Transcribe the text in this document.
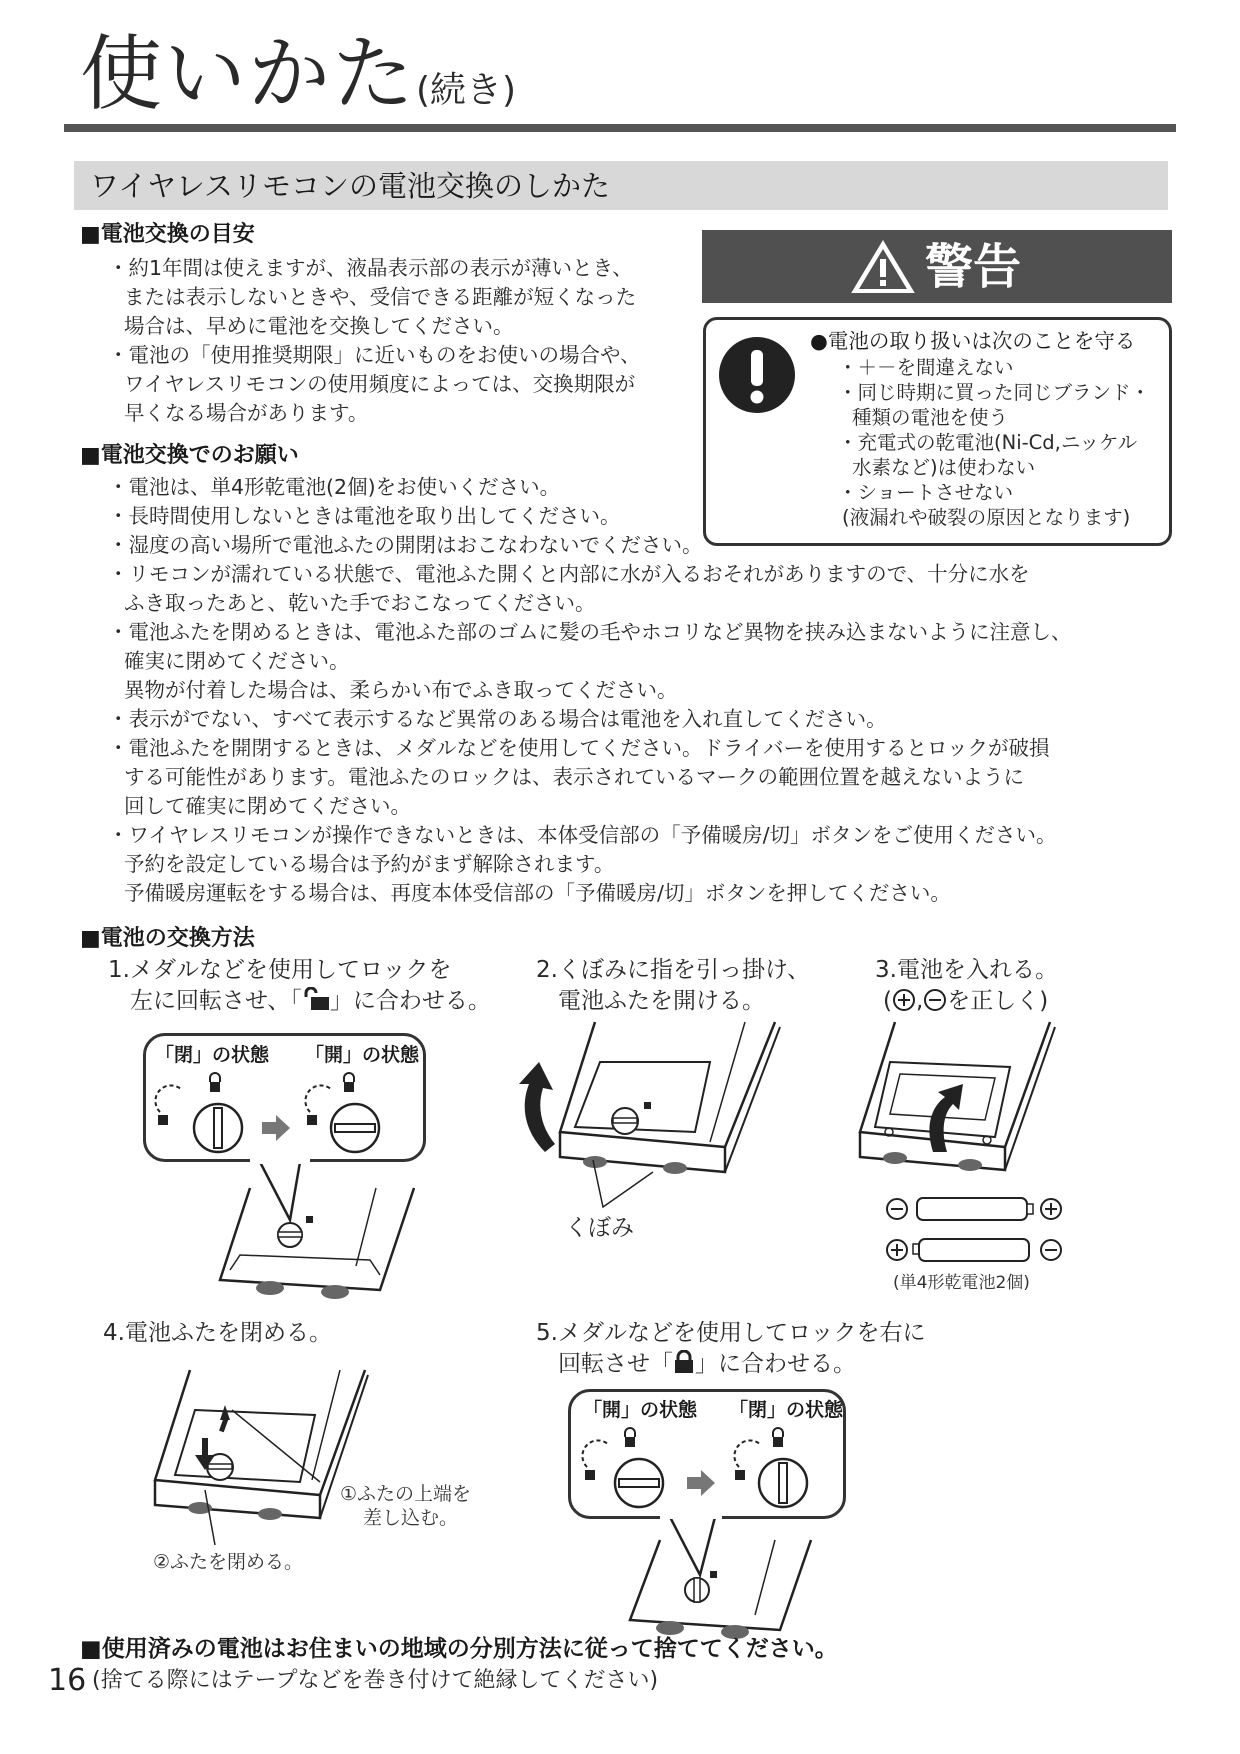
使いかた(続き)
ワイヤレスリモコンの電池交換のしかた
■電池交換の目安
・約1年間は使えますが、液晶表示部の表示が薄いとき、
または表示しないときや、受信できる距離が短くなった
場合は、早めに電池を交換してください。
・電池の「使用推奨期限」に近いものをお使いの場合や、
ワイヤレスリモコンの使用頻度によっては、交換期限が
早くなる場合があります。
警告
●電池の取り扱いは次のことを守る
・＋－を間違えない
・同じ時期に買った同じブランド・
種類の電池を使う
・充電式の乾電池(Ni-Cd,ニッケル
水素など)は使わない
・ショートさせない
(液漏れや破裂の原因となります)
■電池交換でのお願い
・電池は、単4形乾電池(2個)をお使いください。
・長時間使用しないときは電池を取り出してください。
・湿度の高い場所で電池ふたの開閉はおこなわないでください。
・リモコンが濡れている状態で、電池ふた開くと内部に水が入るおそれがありますので、十分に水を
ふき取ったあと、乾いた手でおこなってください。
・電池ふたを閉めるときは、電池ふた部のゴムに髪の毛やホコリなど異物を挟み込まないように注意し、
確実に閉めてください。
異物が付着した場合は、柔らかい布でふき取ってください。
・表示がでない、すべて表示するなど異常のある場合は電池を入れ直してください。
・電池ふたを開閉するときは、メダルなどを使用してください。ドライバーを使用するとロックが破損
する可能性があります。電池ふたのロックは、表示されているマークの範囲位置を越えないように
回して確実に閉めてください。
・ワイヤレスリモコンが操作できないときは、本体受信部の「予備暖房/切」ボタンをご使用ください。
予約を設定している場合は予約がまず解除されます。
予備暖房運転をする場合は、再度本体受信部の「予備暖房/切」ボタンを押してください。
■電池の交換方法
1.メダルなどを使用してロックを
左に回転させ、「 」に合わせる。
「閉」の状態 「開」の状態
2.くぼみに指を引っ掛け、
電池ふたを開ける。
くぼみ
3.電池を入れる。
( , を正しく)
(単4形乾電池2個)
4.電池ふたを閉める。
①ふたの上端を
差し込む。
②ふたを閉める。
5.メダルなどを使用してロックを右に
回転させ「 」に合わせる。
「開」の状態 「閉」の状態
■使用済みの電池はお住まいの地域の分別方法に従って捨ててください。
(捨てる際にはテープなどを巻き付けて絶縁してください)
16
